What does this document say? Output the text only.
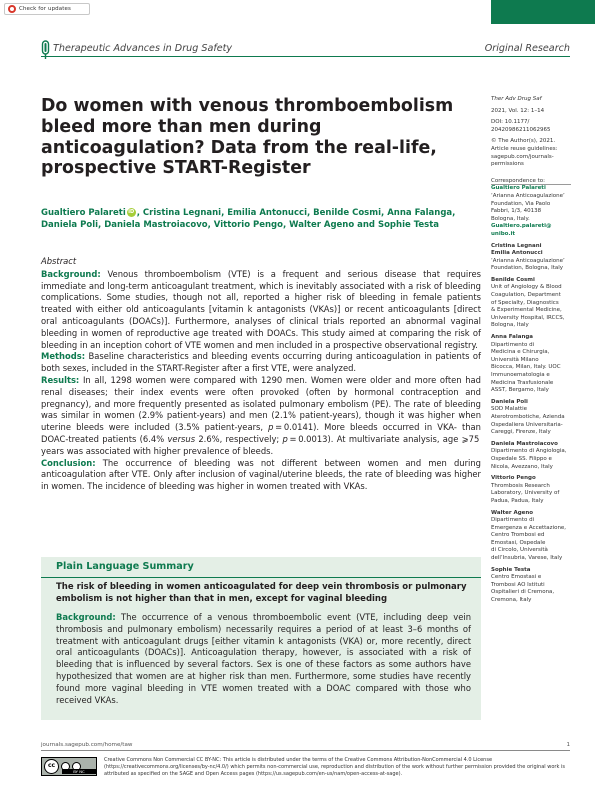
Check for updates
Therapeutic Advances in Drug Safety	Original Research
Do women with venous thromboembolism bleed more than men during anticoagulation? Data from the real-life, prospective START-Register
Gualtiero Palareti iD , Cristina Legnani, Emilia Antonucci, Benilde Cosmi, Anna Falanga, Daniela Poli, Daniela Mastroiacovo, Vittorio Pengo, Walter Ageno and Sophie Testa
Abstract

Background: Venous thromboembolism (VTE) is a frequent and serious disease that requires immediate and long-term anticoagulant treatment, which is inevitably associated with a risk of bleeding complications. Some studies, though not all, reported a higher risk of bleeding in female patients treated with either old anticoagulants [vitamin k antagonists (VKAs)] or recent anticoagulants [direct oral anticoagulants (DOACs)]. Furthermore, analyses of clinical trials reported an abnormal vaginal bleeding in women of reproductive age treated with DOACs. This study aimed at comparing the risk of bleeding in an inception cohort of VTE women and men included in a prospective observational registry.

Methods: Baseline characteristics and bleeding events occurring during anticoagulation in patients of both sexes, included in the START-Register after a first VTE, were analyzed.

Results: In all, 1298 women were compared with 1290 men. Women were older and more often had renal diseases; their index events were often provoked (often by hormonal contraception and pregnancy), and more frequently presented as isolated pulmonary embolism (PE). The rate of bleeding was similar in women (2.9% patient-years) and men (2.1% patient-years), though it was higher when uterine bleeds were included (3.5% patient-years, p = 0.0141). More bleeds occurred in VKA- than DOAC-treated patients (6.4% versus 2.6%, respectively; p = 0.0013). At multivariate analysis, age ⩾75 years was associated with higher prevalence of bleeds.

Conclusion: The occurrence of bleeding was not different between women and men during anticoagulation after VTE. Only after inclusion of vaginal/uterine bleeds, the rate of bleeding was higher in women. The incidence of bleeding was higher in women treated with VKAs.

Plain Language Summary
The risk of bleeding in women anticoagulated for deep vein thrombosis or pulmonary embolism is not higher than that in men, except for vaginal bleeding
Background: The occurrence of a venous thromboembolic event (VTE, including deep vein thrombosis and pulmonary embolism) necessarily requires a period of at least 3–6 months of treatment with anticoagulant drugs [either vitamin k antagonists (VKA) or, more recently, direct oral anticoagulants (DOACs)]. Anticoagulation therapy, however, is associated with a risk of bleeding that is influenced by several factors. Sex is one of these factors as some authors have hypothesized that women are at higher risk than men. Furthermore, some studies have recently found more vaginal bleeding in VTE women treated with a DOAC compared with those who received VKAs.
Ther Adv Drug Saf
2021, Vol. 12: 1–14
DOI: 10.1177/
20420986211062965
© The Author(s), 2021.
Article reuse guidelines:
sagepub.com/journals-
permissions
Correspondence to:
Gualtiero Palareti
‘Arianna Anticoagulazione’
Foundation, Via Paolo
Fabbri, 1/3, 40138
Bologna, Italy.
Gualtiero.palareti@
unibo.it
Cristina Legnani
Emilia Antonucci
‘Arianna Anticoagulazione’
Foundation, Bologna, Italy
Benilde Cosmi
Unit of Angiology & Blood
Coagulation, Department
of Specialty, Diagnostics
& Experimental Medicine,
University Hospital, IRCCS,
Bologna, Italy
Anna Falanga
Dipartimento di
Medicina e Chirurgia,
Università Milano
Bicocca, Milan, Italy. UOC
Immunoematologia e
Medicina Trasfusionale
ASST, Bergamo, Italy
Daniela Poli
SOD Malattie
Aterotrombotiche, Azienda
Ospedaliera Universitaria-
Careggi, Firenze, Italy
Daniela Mastroiacovo
Dipartimento di Angiologia,
Ospedale SS. Filippo e
Nicola, Avezzano, Italy
Vittorio Pengo
Thrombosis Research
Laboratory, University of
Padua, Padua, Italy
Walter Ageno
Dipartimento di
Emergenza e Accettazione,
Centro Trombosi ed
Emostasi, Ospedale
di Circolo, Università
dell’Insubria, Varese, Italy
Sophie Testa
Centro Emostasi e
Trombosi AO Istituti
Ospitalieri di Cremona,
Cremona, Italy
journals.sagepub.com/home/taw	1
cc
BY NC
Creative Commons Non Commercial CC BY-NC: This article is distributed under the terms of the Creative Commons Attribution-NonCommercial 4.0 License (https://creativecommons.org/licenses/by-nc/4.0/) which permits non-commercial use, reproduction and distribution of the work without further permission provided the original work is attributed as specified on the SAGE and Open Access pages (https://us.sagepub.com/en-us/nam/open-access-at-sage).
